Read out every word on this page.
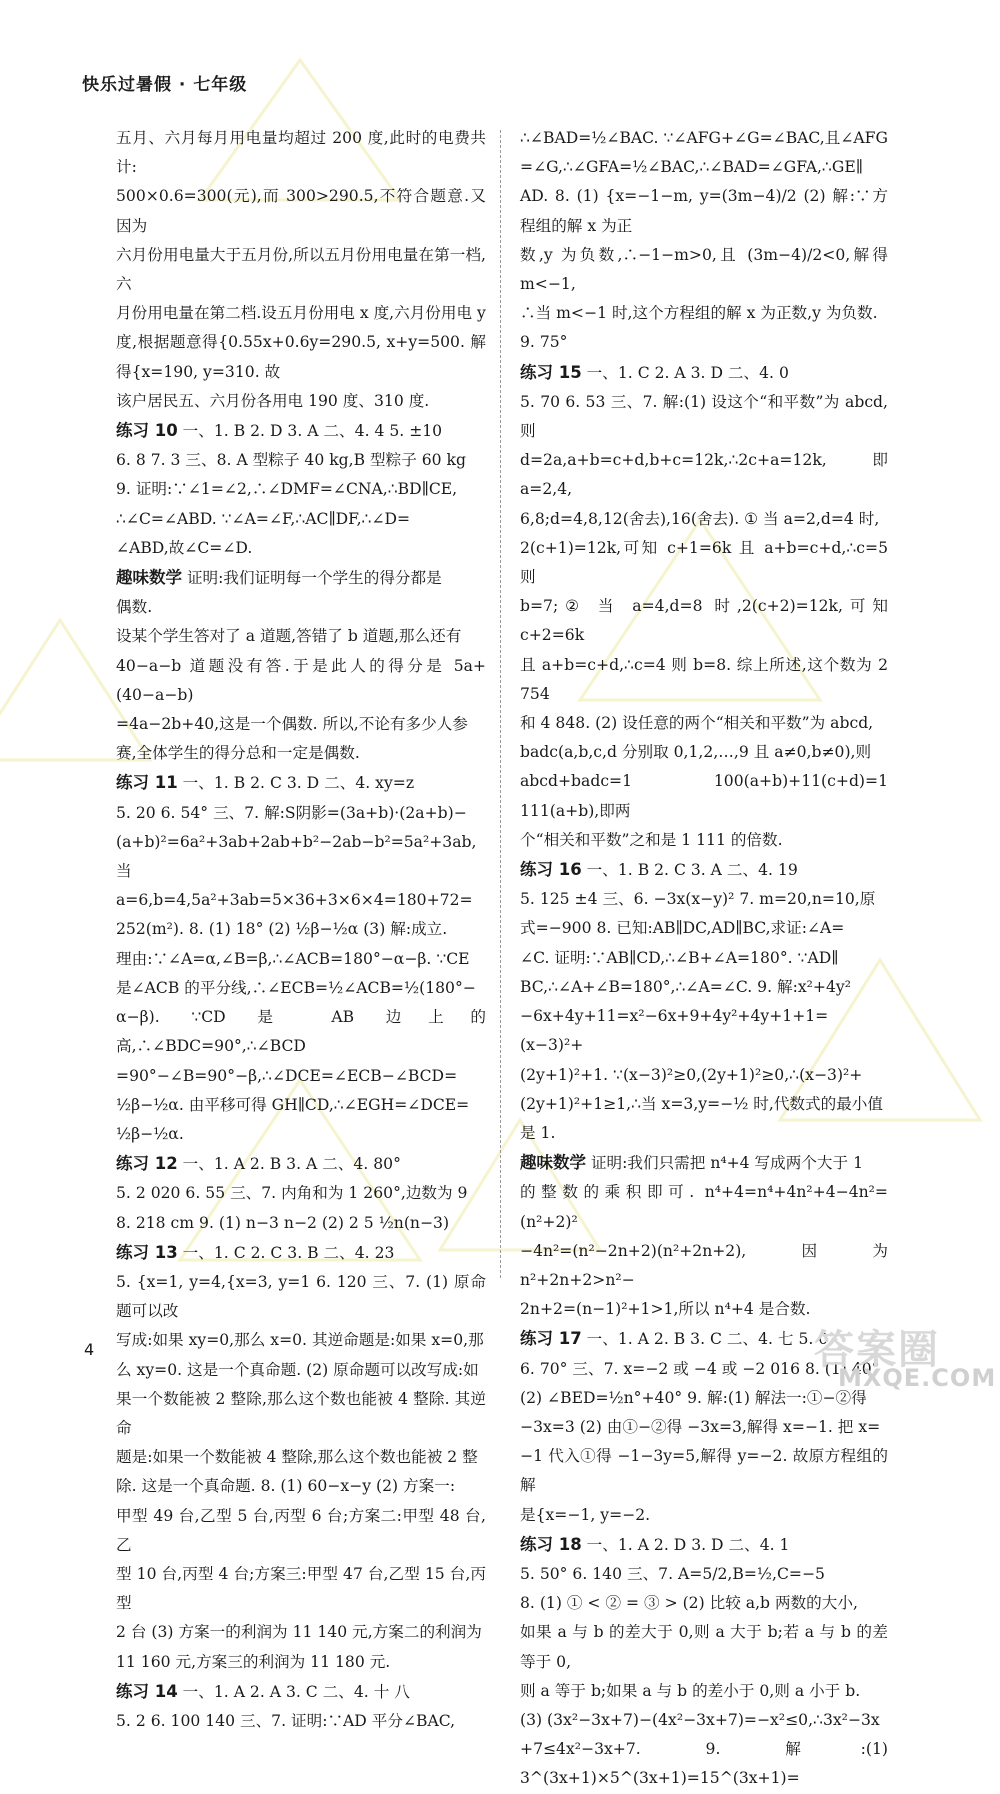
快乐过暑假 · 七年级

五月、六月每月用电量均超过 200 度,此时的电费共计:

500×0.6=300(元),而 300>290.5,不符合题意.又因为

六月份用电量大于五月份,所以五月份用电量在第一档,六

月份用电量在第二档.设五月份用电 x 度,六月份用电 y

度,根据题意得{0.55x+0.6y=290.5, x+y=500. 解得{x=190, y=310. 故

该户居民五、六月份各用电 190 度、310 度.

练习 10 一、1. B 2. D 3. A 二、4. 4 5. ±10

6. 8 7. 3 三、8. A 型粽子 40 kg,B 型粽子 60 kg

9. 证明:∵∠1=∠2,∴∠DMF=∠CNA,∴BD∥CE,

∴∠C=∠ABD. ∵∠A=∠F,∴AC∥DF,∴∠D=

∠ABD,故∠C=∠D.

趣味数学 证明:我们证明每一个学生的得分都是

偶数.

设某个学生答对了 a 道题,答错了 b 道题,那么还有

40−a−b 道题没有答.于是此人的得分是 5a+(40−a−b)

=4a−2b+40,这是一个偶数. 所以,不论有多少人参

赛,全体学生的得分总和一定是偶数.

练习 11 一、1. B 2. C 3. D 二、4. xy=z

5. 20 6. 54° 三、7. 解:S阴影=(3a+b)·(2a+b)−

(a+b)²=6a²+3ab+2ab+b²−2ab−b²=5a²+3ab,

当 a=6,b=4,5a²+3ab=5×36+3×6×4=180+72=

252(m²). 8. (1) 18° (2) ½β−½α (3) 解:成立.

理由:∵∠A=α,∠B=β,∴∠ACB=180°−α−β. ∵CE

是∠ACB 的平分线,∴∠ECB=½∠ACB=½(180°−

α−β). ∵CD 是 AB 边上的高,∴∠BDC=90°,∴∠BCD

=90°−∠B=90°−β,∴∠DCE=∠ECB−∠BCD=

½β−½α. 由平移可得 GH∥CD,∴∠EGH=∠DCE=

½β−½α.

练习 12 一、1. A 2. B 3. A 二、4. 80°

5. 2 020 6. 55 三、7. 内角和为 1 260°,边数为 9

8. 218 cm 9. (1) n−3 n−2 (2) 2 5 ½n(n−3)

练习 13 一、1. C 2. C 3. B 二、4. 23

5. {x=1, y=4,{x=3, y=1 6. 120 三、7. (1) 原命题可以改

写成:如果 xy=0,那么 x=0. 其逆命题是:如果 x=0,那

么 xy=0. 这是一个真命题. (2) 原命题可以改写成:如

果一个数能被 2 整除,那么这个数也能被 4 整除. 其逆命

题是:如果一个数能被 4 整除,那么这个数也能被 2 整

除. 这是一个真命题. 8. (1) 60−x−y (2) 方案一:

甲型 49 台,乙型 5 台,丙型 6 台;方案二:甲型 48 台,乙

型 10 台,丙型 4 台;方案三:甲型 47 台,乙型 15 台,丙型

2 台 (3) 方案一的利润为 11 140 元,方案二的利润为

11 160 元,方案三的利润为 11 180 元.

练习 14 一、1. A 2. A 3. C 二、4. 十 八

5. 2 6. 100 140 三、7. 证明:∵AD 平分∠BAC,

∴∠BAD=½∠BAC. ∵∠AFG+∠G=∠BAC,且∠AFG

=∠G,∴∠GFA=½∠BAC,∴∠BAD=∠GFA,∴GE∥

AD. 8. (1) {x=−1−m, y=(3m−4)/2 (2) 解:∵方程组的解 x 为正

数,y 为负数,∴−1−m>0,且 (3m−4)/2<0,解得 m<−1,

∴当 m<−1 时,这个方程组的解 x 为正数,y 为负数.

9. 75°

练习 15 一、1. C 2. A 3. D 二、4. 0

5. 70 6. 53 三、7. 解:(1) 设这个“和平数”为 abcd,则

d=2a,a+b=c+d,b+c=12k,∴2c+a=12k,即 a=2,4,

6,8;d=4,8,12(舍去),16(舍去). ① 当 a=2,d=4 时,

2(c+1)=12k,可知 c+1=6k 且 a+b=c+d,∴c=5 则

b=7;② 当 a=4,d=8 时,2(c+2)=12k,可知 c+2=6k

且 a+b=c+d,∴c=4 则 b=8. 综上所述,这个数为 2 754

和 4 848. (2) 设任意的两个“相关和平数”为 abcd,

badc(a,b,c,d 分别取 0,1,2,…,9 且 a≠0,b≠0),则

abcd+badc=1 100(a+b)+11(c+d)=1 111(a+b),即两

个“相关和平数”之和是 1 111 的倍数.

练习 16 一、1. B 2. C 3. A 二、4. 19

5. 125 ±4 三、6. −3x(x−y)² 7. m=20,n=10,原

式=−900 8. 已知:AB∥DC,AD∥BC,求证:∠A=

∠C. 证明:∵AB∥CD,∴∠B+∠A=180°. ∵AD∥

BC,∴∠A+∠B=180°,∴∠A=∠C. 9. 解:x²+4y²

−6x+4y+11=x²−6x+9+4y²+4y+1+1=(x−3)²+

(2y+1)²+1. ∵(x−3)²≥0,(2y+1)²≥0,∴(x−3)²+

(2y+1)²+1≥1,∴当 x=3,y=−½ 时,代数式的最小值

是 1.

趣味数学 证明:我们只需把 n⁴+4 写成两个大于 1

的整数的乘积即可. n⁴+4=n⁴+4n²+4−4n²=(n²+2)²

−4n²=(n²−2n+2)(n²+2n+2),因为 n²+2n+2>n²−

2n+2=(n−1)²+1>1,所以 n⁴+4 是合数.

练习 17 一、1. A 2. B 3. C 二、4. 七 5. 0

6. 70° 三、7. x=−2 或 −4 或 −2 016 8. (1) 40°

(2) ∠BED=½n°+40° 9. 解:(1) 解法一:①−②得

−3x=3 (2) 由①−②得 −3x=3,解得 x=−1. 把 x=

−1 代入①得 −1−3y=5,解得 y=−2. 故原方程组的解

是{x=−1, y=−2.

练习 18 一、1. A 2. D 3. D 二、4. 1

5. 50° 6. 140 三、7. A=5/2,B=½,C=−5

8. (1) ① < ② = ③ > (2) 比较 a,b 两数的大小,

如果 a 与 b 的差大于 0,则 a 大于 b;若 a 与 b 的差等于 0,

则 a 等于 b;如果 a 与 b 的差小于 0,则 a 小于 b.

(3) (3x²−3x+7)−(4x²−3x+7)=−x²≤0,∴3x²−3x

+7≤4x²−3x+7. 9. 解:(1) 3^(3x+1)×5^(3x+1)=15^(3x+1)=

4	答案圈
MXQE.COM
